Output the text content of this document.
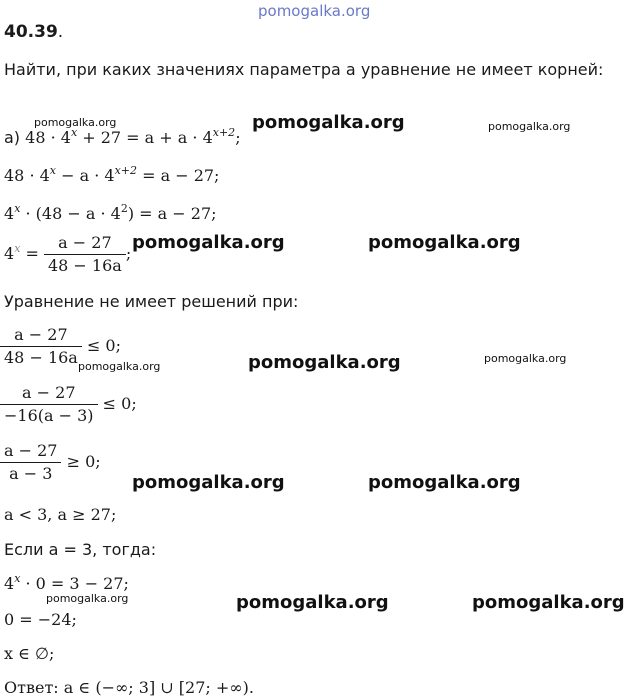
pomogalka.org
pomogalka.org	pomogalka.org	pomogalka.org
pomogalka.org	pomogalka.org
pomogalka.org	pomogalka.org	pomogalka.org
pomogalka.org	pomogalka.org
pomogalka.org	pomogalka.org	pomogalka.org
40.39.
Найти, при каких значениях параметра a уравнение не имеет корней:
а) $48 \cdot 4^x + 27 = a + a \cdot 4^{x+2}$;
$48 \cdot 4^x - a \cdot 4^{x+2} = a - 27$;
$4^x \cdot (48 - a \cdot 4^2) = a - 27$;
$4^x = \frac{a - 27}{48 - 16a}$ ;
Уравнение не имеет решений при:
$\frac{a - 27}{48 - 16a} \le 0$;
$\frac{a - 27}{-16(a - 3)} \le 0$;
$\frac{a - 27}{a - 3} \ge 0$;
a < 3, a ≥ 27;
Если a = 3, тогда:
$4^x \cdot 0 = 3 - 27$;
0 = −24;
x ∈ ∅;
Ответ: a ∈ (−∞; 3] ∪ [27; +∞).
